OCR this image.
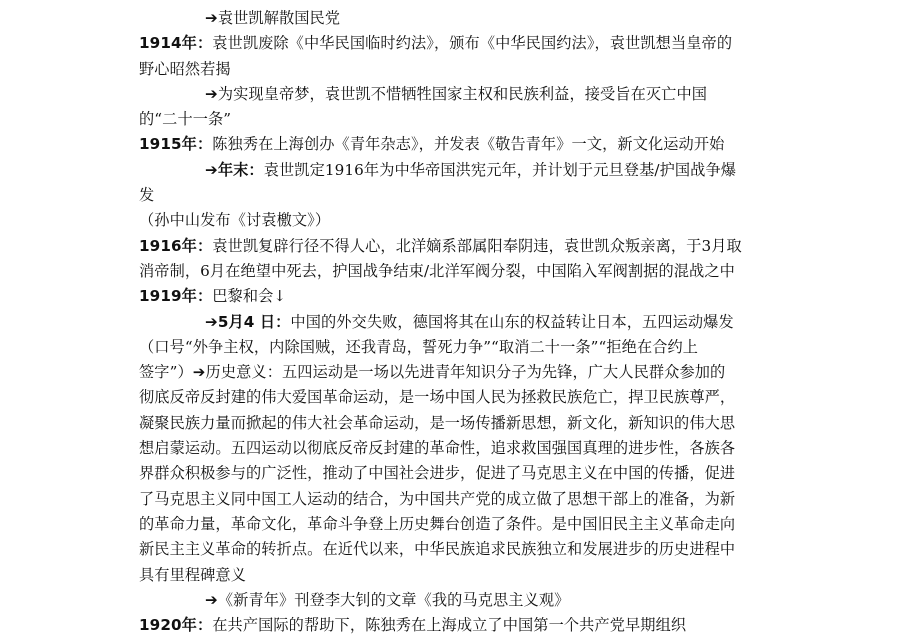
➔袁世凯解散国民党
1914年：袁世凯废除《中华民国临时约法》，颁布《中华民国约法》，袁世凯想当皇帝的
野心昭然若揭
➔为实现皇帝梦，袁世凯不惜牺牲国家主权和民族利益，接受旨在灭亡中国
的“二十一条”
1915年：陈独秀在上海创办《青年杂志》，并发表《敬告青年》一文，新文化运动开始
➔年末：袁世凯定1916年为中华帝国洪宪元年，并计划于元旦登基/护国战争爆
发
（孙中山发布《讨袁檄文》）
1916年：袁世凯复辟行径不得人心，北洋嫡系部属阳奉阴违，袁世凯众叛亲离，于3月取
消帝制，6月在绝望中死去，护国战争结束/北洋军阀分裂，中国陷入军阀割据的混战之中
1919年：巴黎和会↓
➔5月4 日：中国的外交失败，德国将其在山东的权益转让日本，五四运动爆发
（口号“外争主权，内除国贼，还我青岛，誓死力争”“取消二十一条”“拒绝在合约上
签字”）➔历史意义：五四运动是一场以先进青年知识分子为先锋，广大人民群众参加的
彻底反帝反封建的伟大爱国革命运动，是一场中国人民为拯救民族危亡，捍卫民族尊严，
凝聚民族力量而掀起的伟大社会革命运动，是一场传播新思想，新文化，新知识的伟大思
想启蒙运动。五四运动以彻底反帝反封建的革命性，追求救国强国真理的进步性，各族各
界群众积极参与的广泛性，推动了中国社会进步，促进了马克思主义在中国的传播，促进
了马克思主义同中国工人运动的结合，为中国共产党的成立做了思想干部上的准备，为新
的革命力量，革命文化，革命斗争登上历史舞台创造了条件。是中国旧民主主义革命走向
新民主主义革命的转折点。在近代以来，中华民族追求民族独立和发展进步的历史进程中
具有里程碑意义
➔《新青年》刊登李大钊的文章《我的马克思主义观》
1920年：在共产国际的帮助下，陈独秀在上海成立了中国第一个共产党早期组织
